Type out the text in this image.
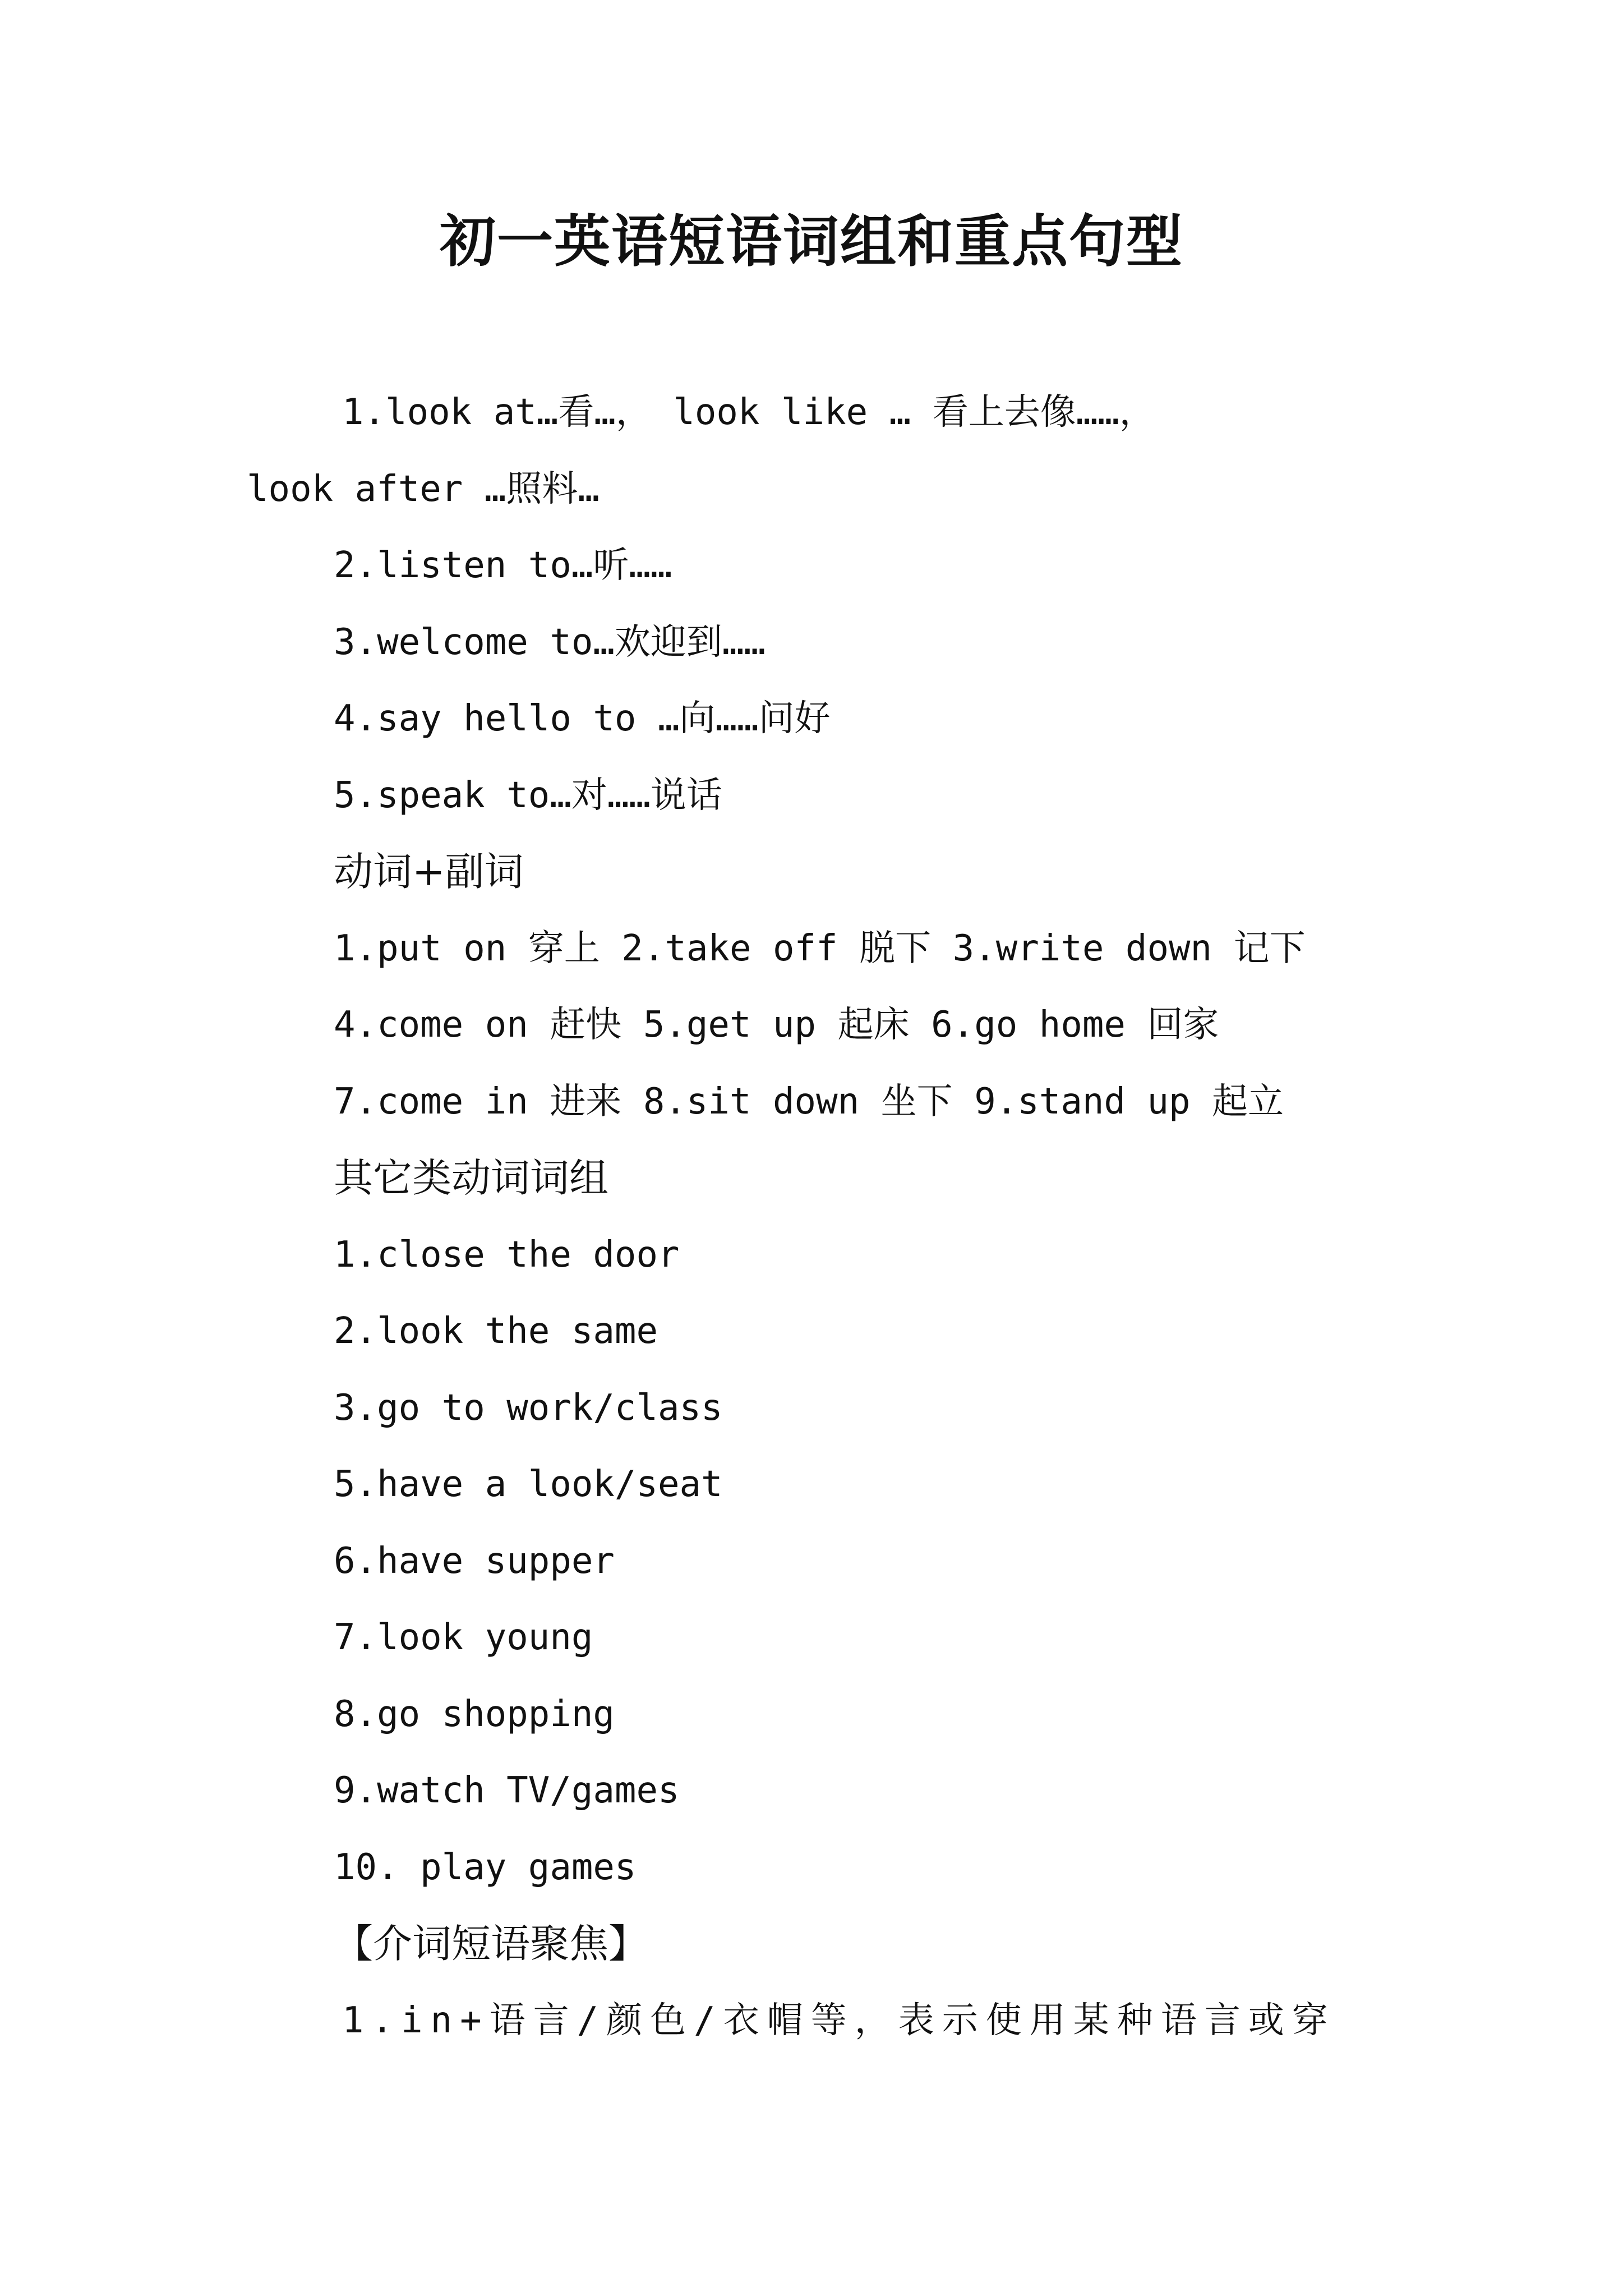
初一英语短语词组和重点句型
1.look at…看…， look like … 看上去像……，
look after …照料…
2.listen to…听……
3.welcome to…欢迎到……
4.say hello to …向……问好
5.speak to…对……说话
动词+副词
1.put on 穿上 2.take off 脱下 3.write down 记下
4.come on 赶快 5.get up 起床 6.go home 回家
7.come in 进来 8.sit down 坐下 9.stand up 起立
其它类动词词组
1.close the door
2.look the same
3.go to work/class
5.have a look/seat
6.have supper
7.look young
8.go shopping
9.watch TV/games
10. play games
【介词短语聚焦】
1.in+语言/颜色/衣帽等，表示使用某种语言或穿
